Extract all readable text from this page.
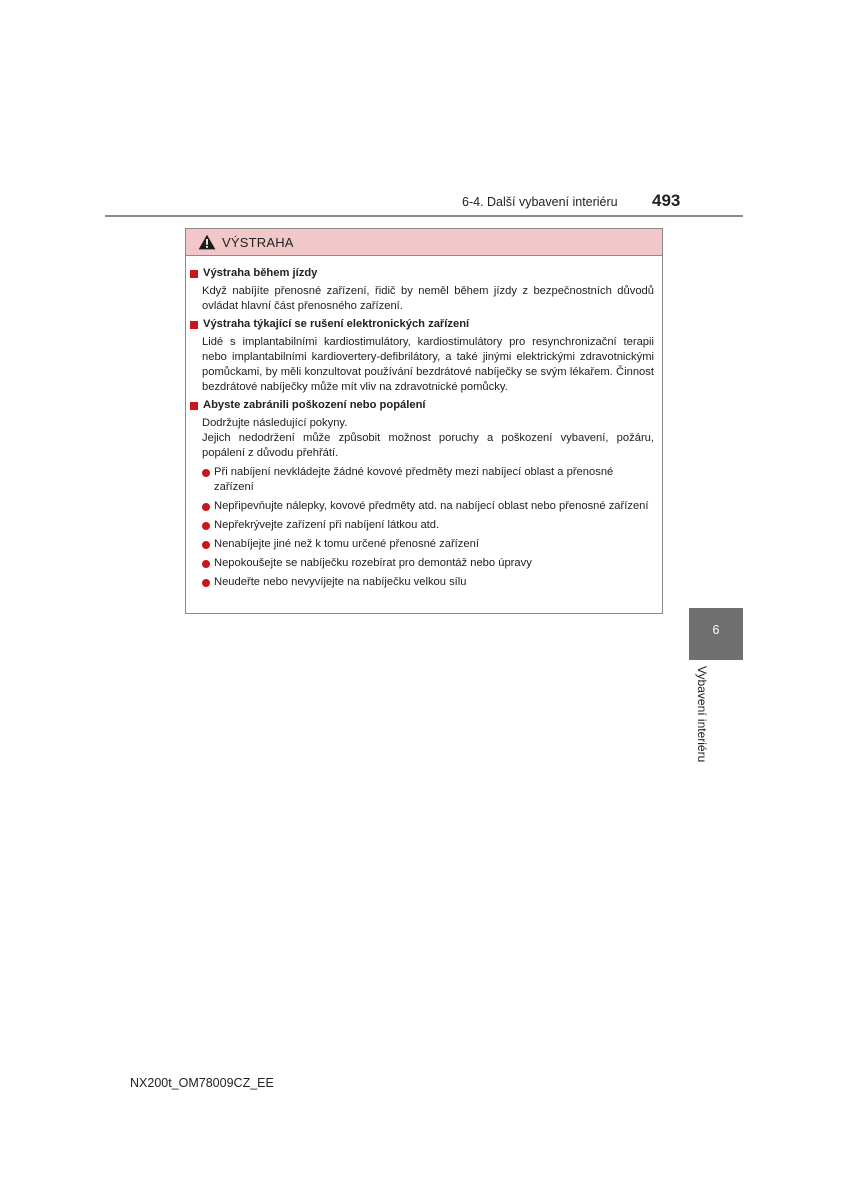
6-4. Další vybavení interiéru 493
VÝSTRAHA
Výstraha během jízdy
Když nabíjíte přenosné zařízení, řidič by neměl během jízdy z bezpečnostních důvodů ovládat hlavní část přenosného zařízení.
Výstraha týkající se rušení elektronických zařízení
Lidé s implantabilními kardiostimulátory, kardiostimulátory pro resynchronizační terapii nebo implantabilními kardiovertery-defibrilátory, a také jinými elektrickými zdravotnickými pomůckami, by měli konzultovat používání bezdrátové nabíječky se svým lékařem. Činnost bezdrátové nabíječky může mít vliv na zdravotnické pomůcky.
Abyste zabránili poškození nebo popálení
Dodržujte následující pokyny.
Jejich nedodržení může způsobit možnost poruchy a poškození vybavení, požáru, popálení z důvodu přehřátí.
Při nabíjení nevkládejte žádné kovové předměty mezi nabíjecí oblast a přenosné zařízení
Nepřipevňujte nálepky, kovové předměty atd. na nabíjecí oblast nebo přenosné zařízení
Nepřekrývejte zařízení při nabíjení látkou atd.
Nenabíjejte jiné než k tomu určené přenosné zařízení
Nepokoušejte se nabíječku rozebírat pro demontáž nebo úpravy
Neudeřte nebo nevyvíjejte na nabíječku velkou sílu
6
Vybavení interiéru
NX200t_OM78009CZ_EE
